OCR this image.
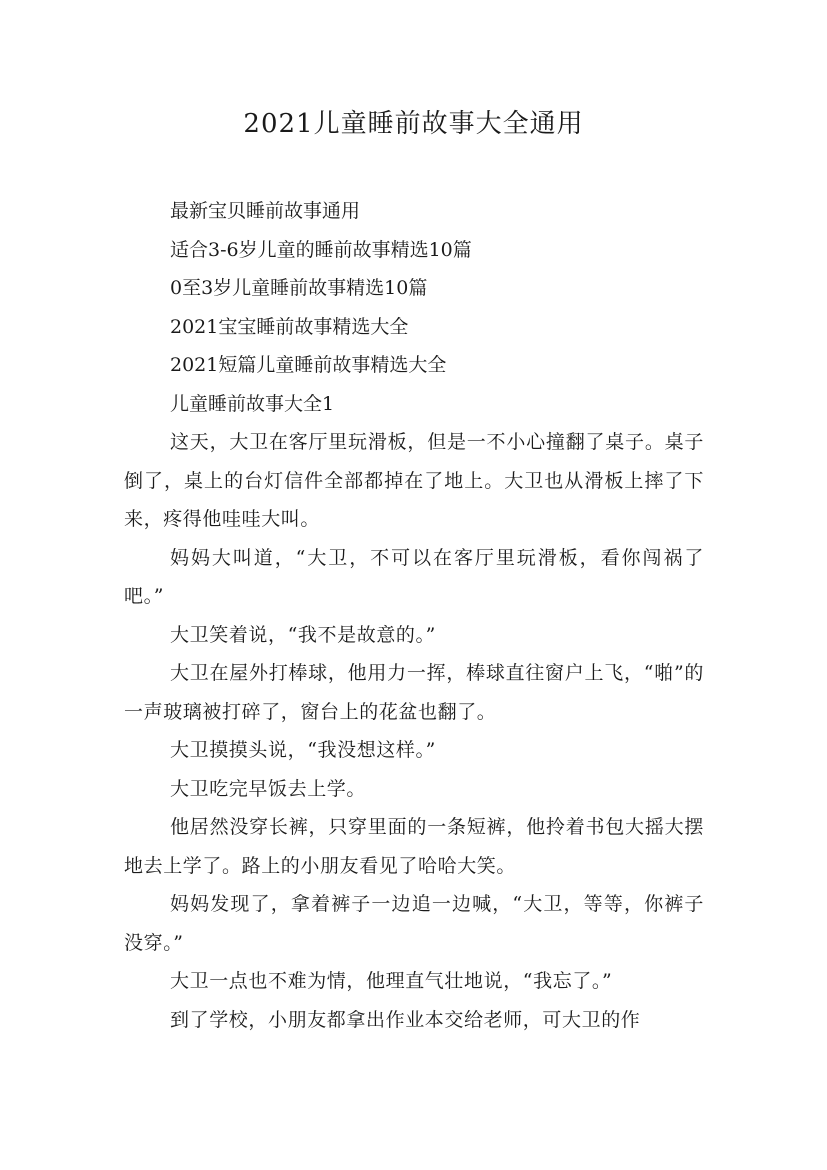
2021儿童睡前故事大全通用
最新宝贝睡前故事通用
适合3-6岁儿童的睡前故事精选10篇
0至3岁儿童睡前故事精选10篇
2021宝宝睡前故事精选大全
2021短篇儿童睡前故事精选大全
儿童睡前故事大全1
这天，大卫在客厅里玩滑板，但是一不小心撞翻了桌子。桌子倒了，桌上的台灯信件全部都掉在了地上。大卫也从滑板上摔了下来，疼得他哇哇大叫。
妈妈大叫道，“大卫，不可以在客厅里玩滑板，看你闯祸了吧。”
大卫笑着说，“我不是故意的。”
大卫在屋外打棒球，他用力一挥，棒球直往窗户上飞，“啪”的一声玻璃被打碎了，窗台上的花盆也翻了。
大卫摸摸头说，“我没想这样。”
大卫吃完早饭去上学。
他居然没穿长裤，只穿里面的一条短裤，他拎着书包大摇大摆地去上学了。路上的小朋友看见了哈哈大笑。
妈妈发现了，拿着裤子一边追一边喊，“大卫，等等，你裤子没穿。”
大卫一点也不难为情，他理直气壮地说，“我忘了。”
到了学校，小朋友都拿出作业本交给老师，可大卫的作
